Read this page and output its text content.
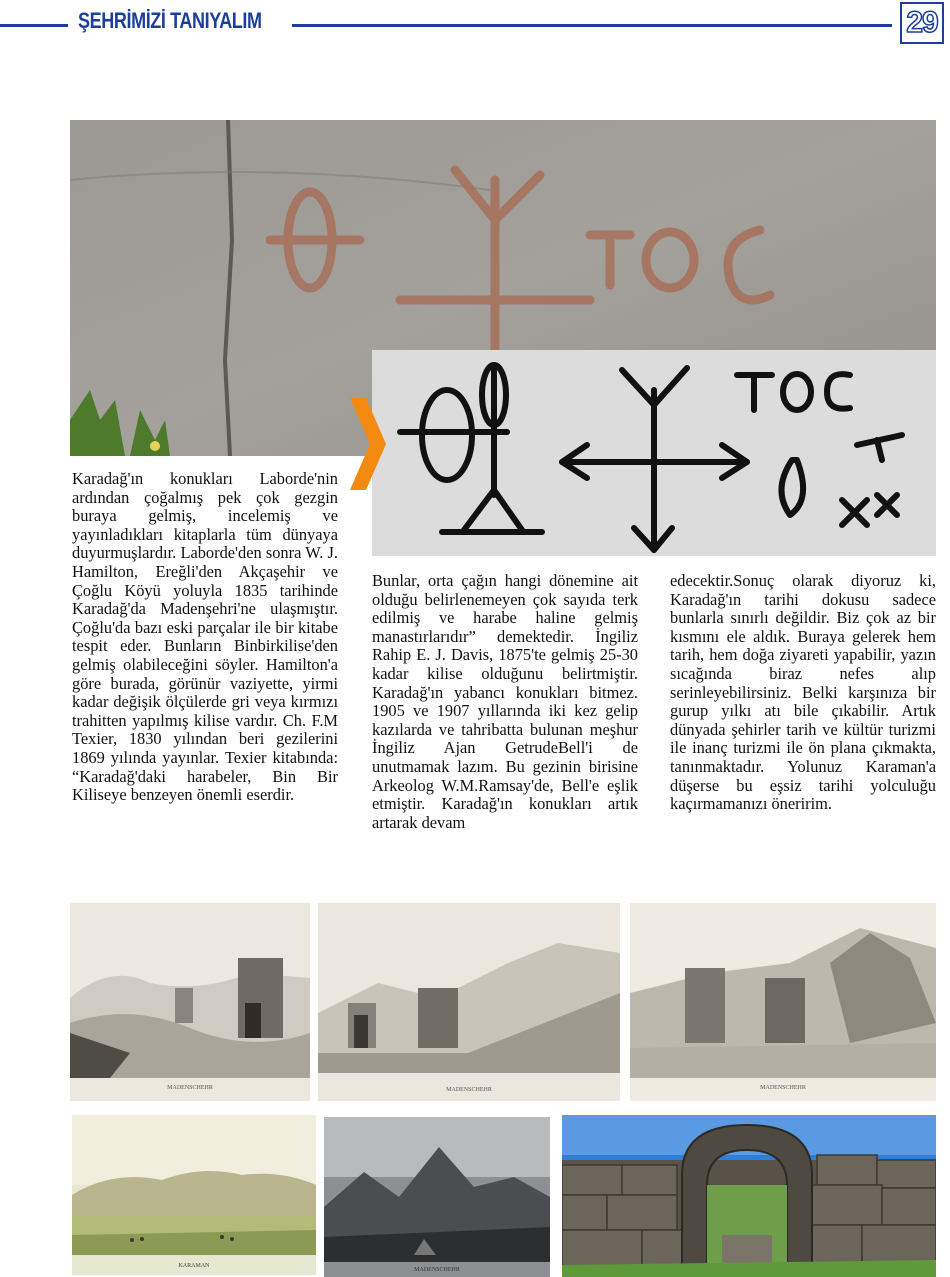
ŞEHRİMİZİ TANIYALIM	29
TOC

Karadağ'ın konukları Laborde'nin ardından çoğalmış pek çok gezgin buraya gelmiş, incelemiş ve yayınladıkları kitaplarla tüm dünyaya duyurmuşlardır. Laborde'den sonra W. J. Hamilton, Ereğli'den Akçaşehir ve Çoğlu Köyü yoluyla 1835 tarihinde Karadağ'da Madenşehri'ne ulaşmıştır. Çoğlu'da bazı eski parçalar ile bir kitabe tespit eder. Bunların Binbirkilise'den gelmiş olabileceğini söyler. Hamilton'a göre burada, görünür vaziyette, yirmi kadar değişik ölçülerde gri veya kırmızı trahitten yapılmış kilise vardır. Ch. F.M Texier, 1830 yılından beri gezilerini 1869 yılında yayınlar. Texier kitabında: “Karadağ'daki harabeler, Bin Bir Kiliseye benzeyen önemli eserdir.

Bunlar, orta çağın hangi dönemine ait olduğu belirlenemeyen çok sayıda terk edilmiş ve harabe haline gelmiş manastırlarıdır” demektedir. İngiliz Rahip E. J. Davis, 1875'te gelmiş 25-30 kadar kilise olduğunu belirtmiştir. Karadağ'ın yabancı konukları bitmez. 1905 ve 1907 yıllarında iki kez gelip kazılarda ve tahribatta bulunan meşhur İngiliz Ajan GetrudeBell'i de unutmamak lazım. Bu gezinin birisine Arkeolog W.M.Ramsay'de, Bell'e eşlik etmiştir. Karadağ'ın konukları artık artarak devam

edecektir.Sonuç olarak diyoruz ki, Karadağ'ın tarihi dokusu sadece bunlarla sınırlı değildir. Biz çok az bir kısmını ele aldık. Buraya gelerek hem tarih, hem doğa ziyareti yapabilir, yazın sıcağında biraz nefes alıp serinleyebilirsiniz. Belki karşınıza bir gurup yılkı atı bile çıkabilir. Artık dünyada şehirler tarih ve kültür turizmi ile inanç turizmi ile ön plana çıkmakta, tanınmaktadır. Yolunuz Karaman'a düşerse bu eşsiz tarihi yolculuğu kaçırmamanızı öneririm.

MADENSCHEHR	MADENSCHEHR	MADENSCHEHR
KARAMAN
MADENSCHEHR
